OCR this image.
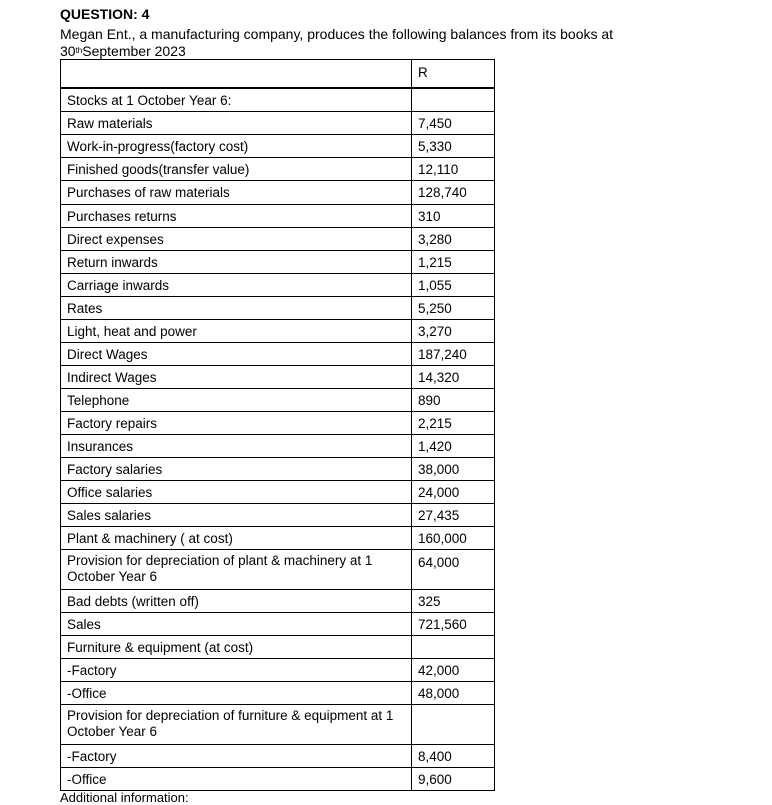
QUESTION: 4
Megan Ent., a manufacturing company, produces the following balances from its books at
30thSeptember 2023
	R
Stocks at 1 October Year 6:	
Raw materials	7,450
Work-in-progress(factory cost)	5,330
Finished goods(transfer value)	12,110
Purchases of raw materials	128,740
Purchases returns	310
Direct expenses	3,280
Return inwards	1,215
Carriage inwards	1,055
Rates	5,250
Light, heat and power	3,270
Direct Wages	187,240
Indirect Wages	14,320
Telephone	890
Factory repairs	2,215
Insurances	1,420
Factory salaries	38,000
Office salaries	24,000
Sales salaries	27,435
Plant & machinery ( at cost)	160,000
Provision for depreciation of plant & machinery at 1 October Year 6	64,000
Bad debts (written off)	325
Sales	721,560
Furniture & equipment (at cost)	
-Factory	42,000
-Office	48,000
Provision for depreciation of furniture & equipment at 1 October Year 6	
-Factory	8,400
-Office	9,600
Additional information:
